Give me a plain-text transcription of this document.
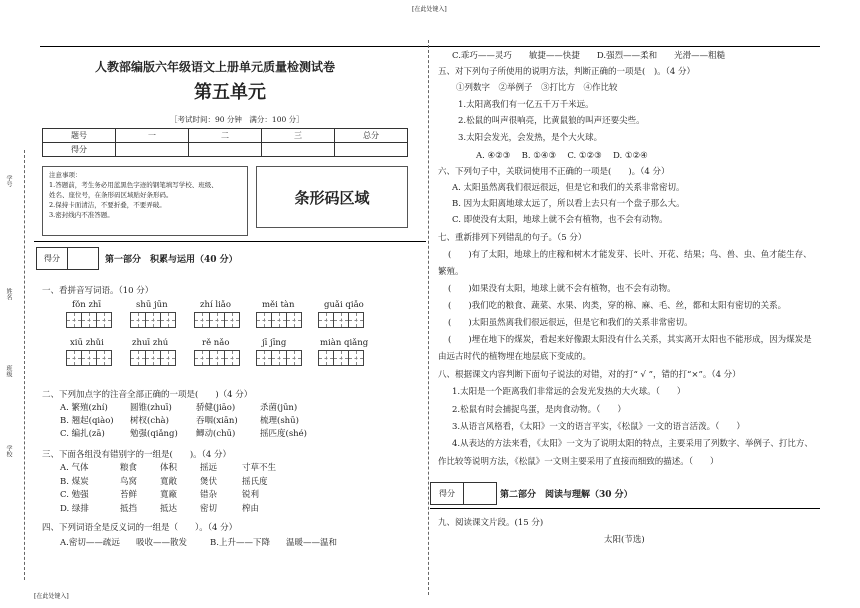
[在此处键入]
[在此处键入]
学号
姓名
班级
学校
人教部编版六年级语文上册单元质量检测试卷
第五单元
［考试时间：90 分钟　满分：100 分］
题号	一	二	三	总分
得分				
注意事项：
1.答题前，考生务必用蓝黑色字迹的钢笔填写学校、班级、
姓名、座位号，在条形码区域贴好条形码。
2.保持卡面清洁，不要折叠，不要弄破。
3.密封线内不准答题。
条形码区域
得分		第一部分　积累与运用（40 分）
一、看拼音写词语。（10 分）
fǒn zhī	shū jūn	zhí liǎo	měi tàn	guǎi qiǎo
xiū zhǔi	zhuī zhú	rě nǎo	jī jīng	miàn qiǎng
二、下列加点字的注音全部正确的一项是(　　)（4 分）
A. 繁殖(zhí)	圆锥(zhuī)	骄健(jiāo)	杀菌(jūn)
B. 翘起(qiào) 树杈(chà)	吞咽(xiān)	梳理(shū)
C. 编扎(zā)	勉强(qiǎng) 鲫动(chū)	摇匹度(shé)
三、下面各组没有错别字的一组是(　　)。（4 分）
A. 气体	粮食	体积	摇远	寸草不生
B. 煤炭	鸟窝	寬敞	煲伏	摇氏度
C. 勉强	苔鲜	寬廠	错杂	锐利
D. 绿排	抵挡	抵达	密切	榨由
四、下列词语全是反义词的一组是（　　）。（4 分）
A.密切——疏远 吸收——散发	B.上升——下降 温暖——温和
C.乖巧——灵巧　　敏捷——快捷　　D.强烈——柔和　　光滑——粗糙
五、对下列句子所使用的说明方法，判断正确的一项是(　)。（4 分）
①列数字　②举例子　③打比方　④作比较
1.太阳离我们有一亿五千万千米远。
2.松鼠的叫声很响亮，比黄鼠狼的叫声还要尖些。
3.太阳会发光，会发热，是个大火球。
A. ④②③　 B. ①④③　 C. ①②③　 D. ①②④
六、下列句子中，关联词使用不正确的一项是(　　)。（4 分）
A. 太阳虽然离我们很远很远，但是它和我们的关系非常密切。
B. 因为太阳离地球太远了，所以看上去只有一个盘子那么大。
C. 即使没有太阳，地球上就不会有植物，也不会有动物。
七、重新排列下列错乱的句子。（5 分）
(　　)有了太阳，地球上的庄稼和树木才能发芽、长叶、开花、结果；鸟、兽、虫、鱼才能生存、
繁殖。
(　　)如果没有太阳，地球上就不会有植物，也不会有动物。
(　　)我们吃的粮食、蔬菜、水果、肉类，穿的棉、麻、毛、丝，都和太阳有密切的关系。
(　　)太阳虽然离我们很远很远，但是它和我们的关系非常密切。
(　　)埋在地下的煤炭，看起来好像跟太阳没有什么关系，其实离开太阳也不能形成，因为煤炭是
由远古时代的植物埋在地层底下变成的。
八、根据课文内容判断下面句子说法的对错，对的打“ √ ”，错的打“×”。（4 分）
1.太阳是一个距离我们非常远的会发光发热的大火球。（　　）
2.松鼠有时会捕捉鸟蛋，是肉食动物。（　　）
3.从语言风格看，《太阳》一文的语言平实，《松鼠》一文的语言活泼。（　　）
4.从表达的方法来看，《太阳》一文为了说明太阳的特点，主要采用了列数字、举例子、打比方、
作比较等说明方法，《松鼠》一文则主要采用了直接而细致的描述。（　　）
得分		第二部分　阅读与理解（30 分）
九、阅读课文片段。(15 分)
太阳(节选)
